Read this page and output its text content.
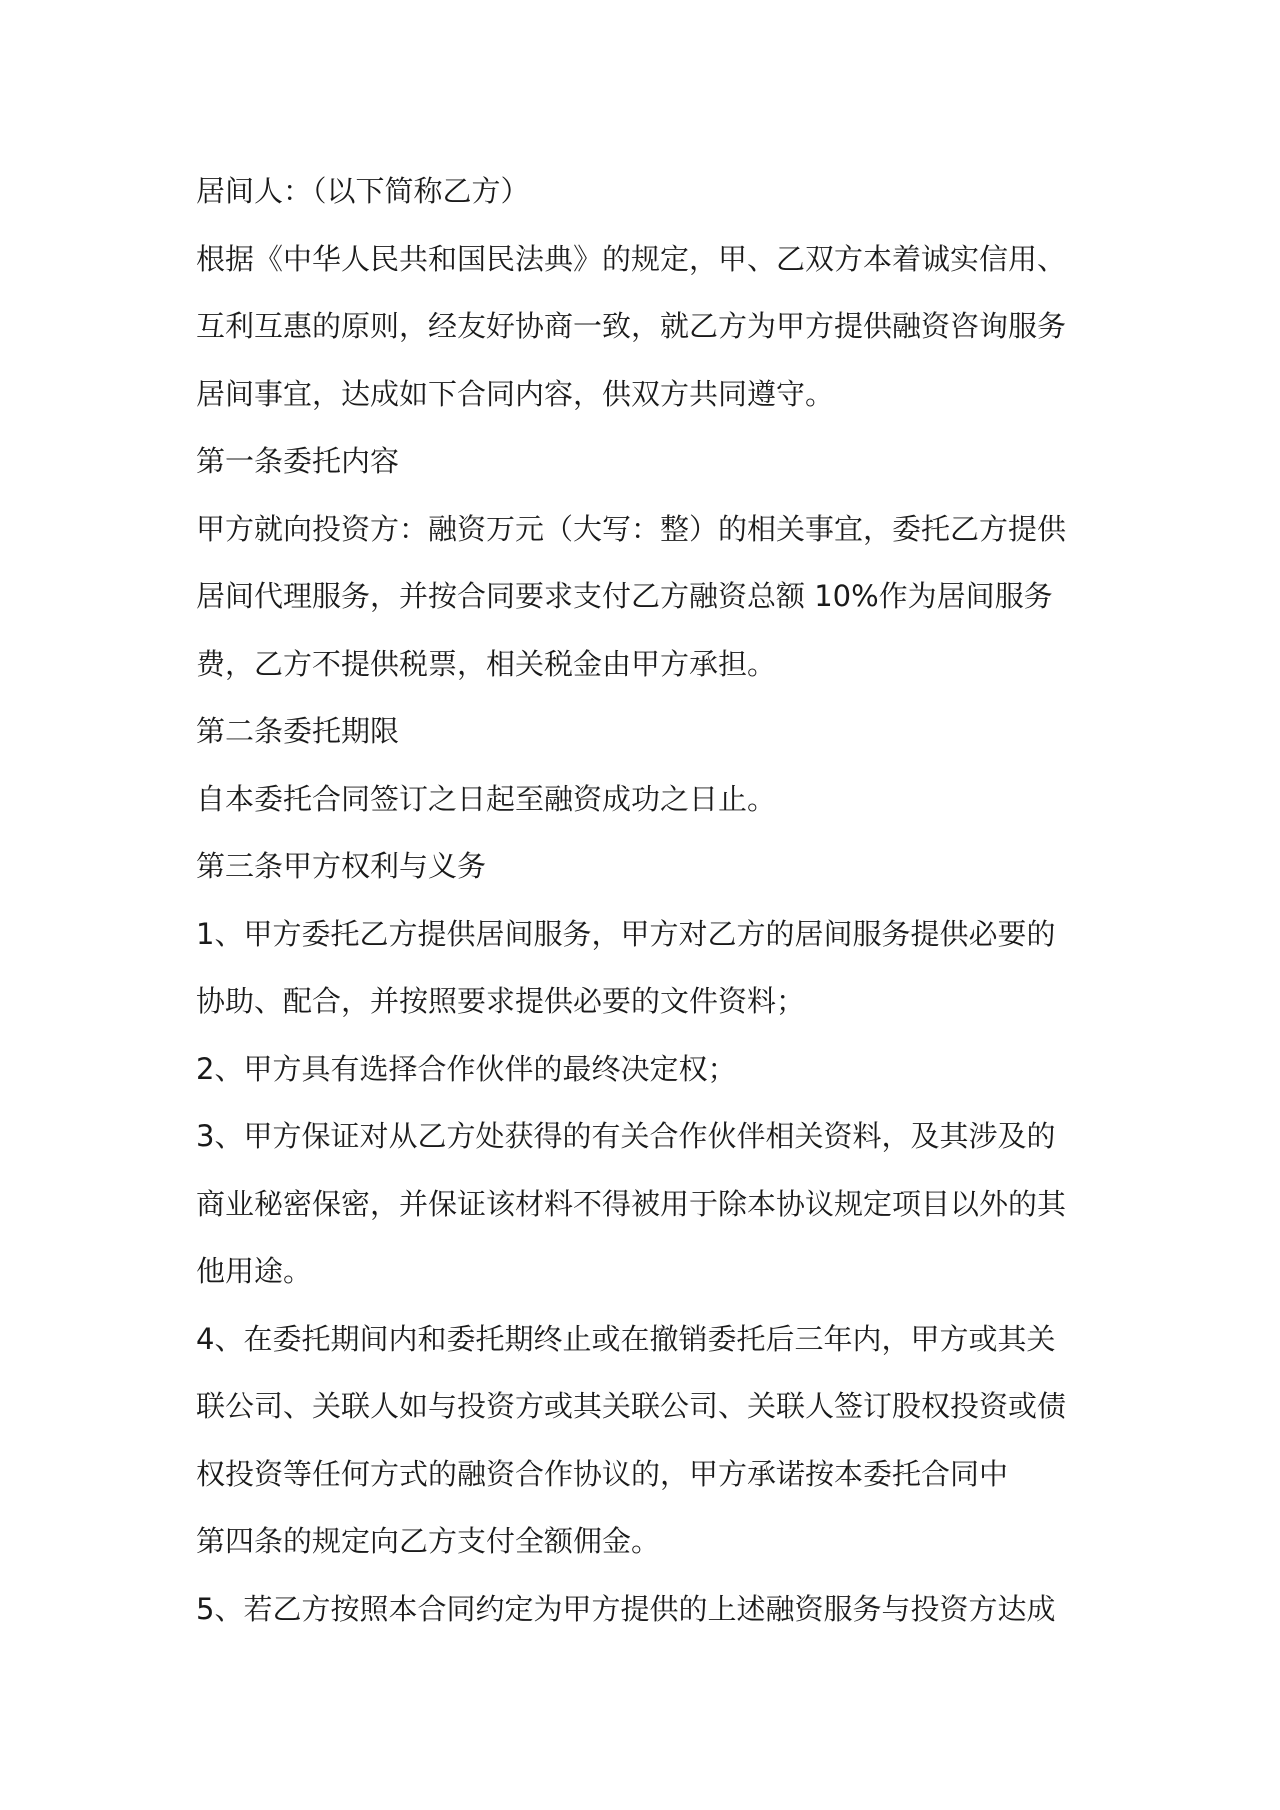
居间人：（以下简称乙方）
根据《中华人民共和国民法典》的规定，甲、乙双方本着诚实信用、
互利互惠的原则，经友好协商一致，就乙方为甲方提供融资咨询服务
居间事宜，达成如下合同内容，供双方共同遵守。
第一条委托内容
甲方就向投资方：融资万元（大写：整）的相关事宜，委托乙方提供
居间代理服务，并按合同要求支付乙方融资总额 10%作为居间服务
费，乙方不提供税票，相关税金由甲方承担。
第二条委托期限
自本委托合同签订之日起至融资成功之日止。
第三条甲方权利与义务
1、甲方委托乙方提供居间服务，甲方对乙方的居间服务提供必要的
协助、配合，并按照要求提供必要的文件资料；
2、甲方具有选择合作伙伴的最终决定权；
3、甲方保证对从乙方处获得的有关合作伙伴相关资料，及其涉及的
商业秘密保密，并保证该材料不得被用于除本协议规定项目以外的其
他用途。
4、在委托期间内和委托期终止或在撤销委托后三年内，甲方或其关
联公司、关联人如与投资方或其关联公司、关联人签订股权投资或债
权投资等任何方式的融资合作协议的，甲方承诺按本委托合同中
第四条的规定向乙方支付全额佣金。
5、若乙方按照本合同约定为甲方提供的上述融资服务与投资方达成
